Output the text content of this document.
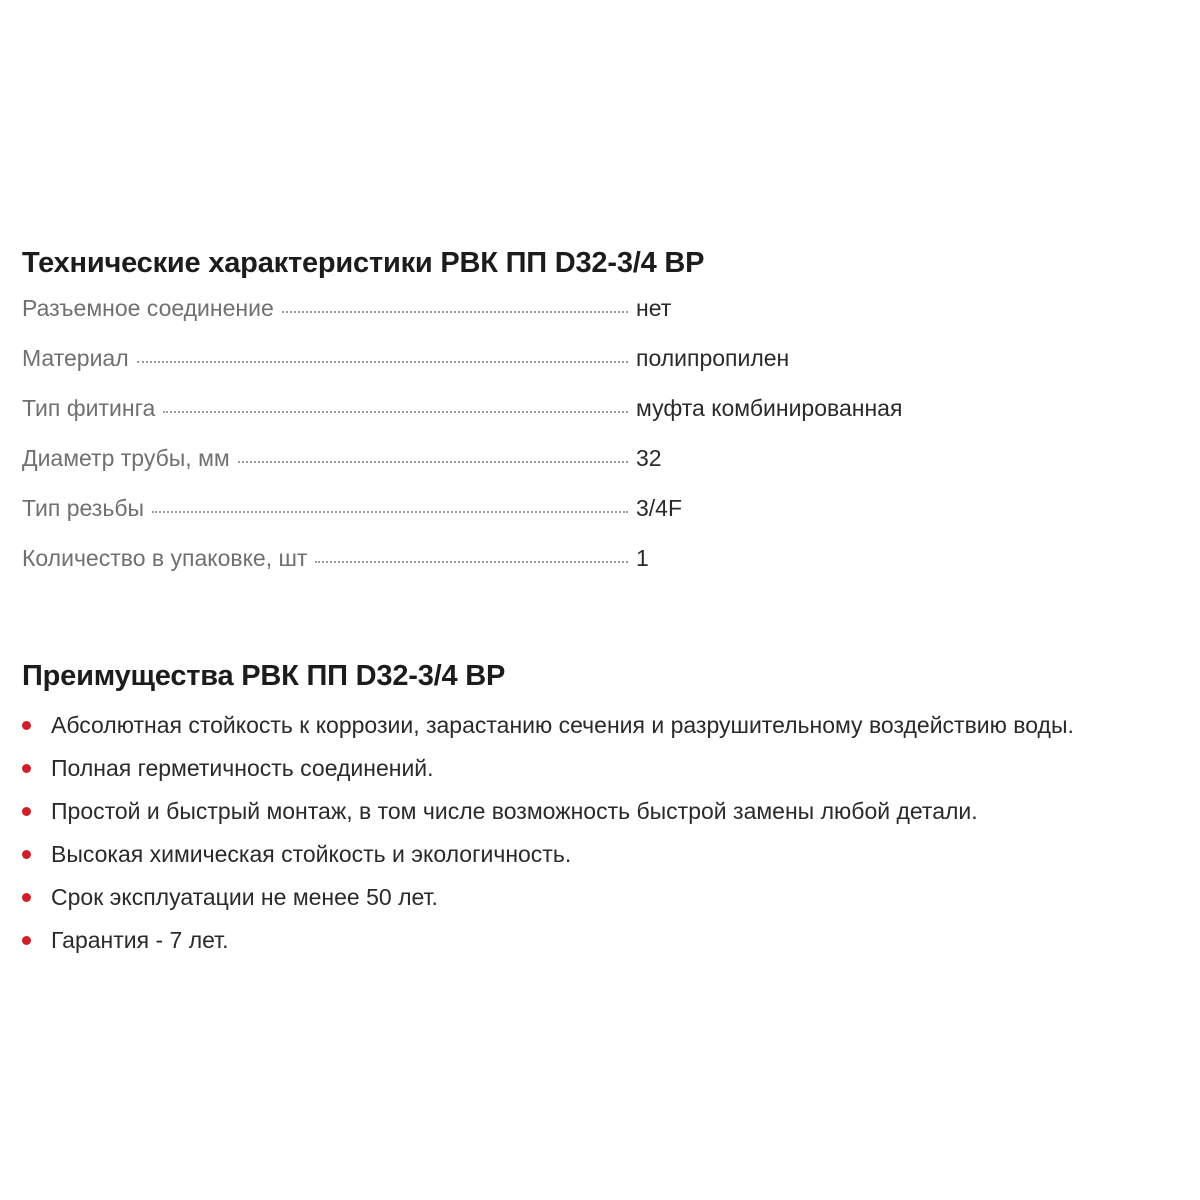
Технические характеристики РВК ПП D32-3/4 ВР
Разъемное соединение	нет
Материал	полипропилен
Тип фитинга	муфта комбинированная
Диаметр трубы, мм	32
Тип резьбы	3/4F
Количество в упаковке, шт	1
Преимущества РВК ПП D32-3/4 ВР
Абсолютная стойкость к коррозии, зарастанию сечения и разрушительному воздействию воды.
Полная герметичность соединений.
Простой и быстрый монтаж, в том числе возможность быстрой замены любой детали.
Высокая химическая стойкость и экологичность.
Срок эксплуатации не менее 50 лет.
Гарантия - 7 лет.
